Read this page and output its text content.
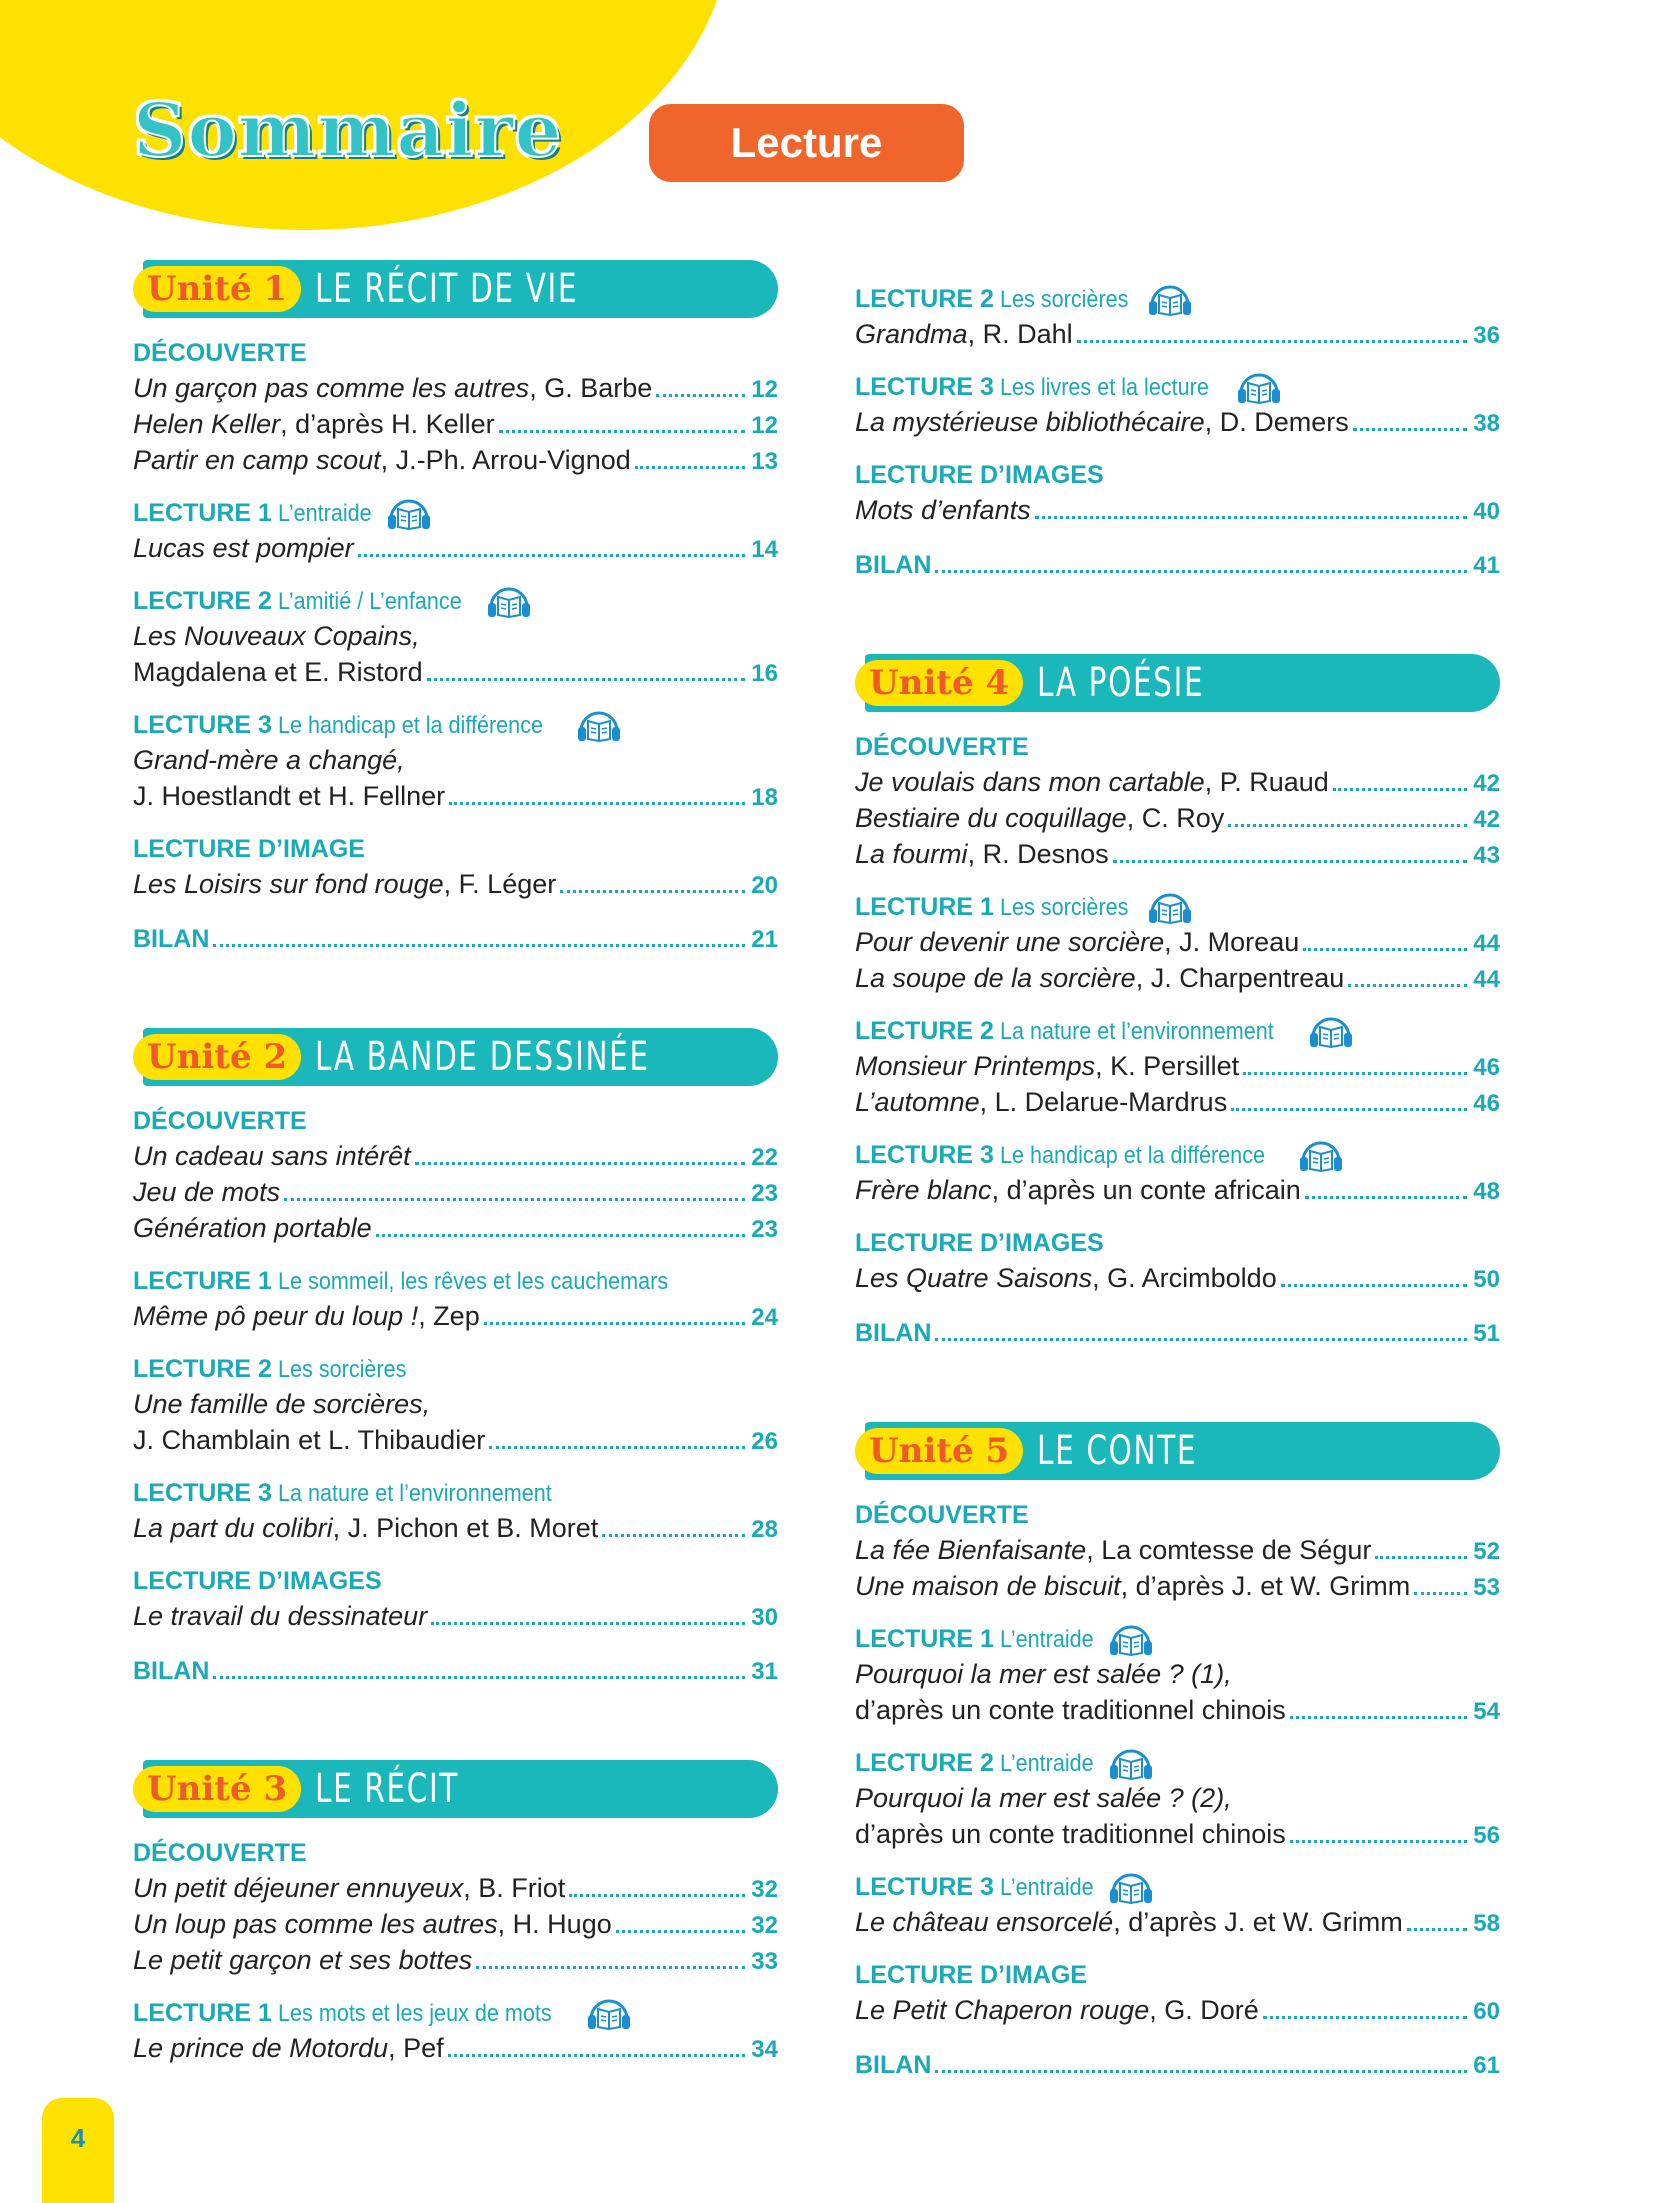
Sommaire	Lecture
Unité 1 LE RÉCIT DE VIE
DÉCOUVERTE
Un garçon pas comme les autres, G. Barbe	12
Helen Keller, d’après H. Keller	12
Partir en camp scout, J.-Ph. Arrou-Vignod	13
LECTURE 1 L’entraide
Lucas est pompier	14
LECTURE 2 L’amitié / L’enfance
Les Nouveaux Copains,
Magdalena et E. Ristord	16
LECTURE 3 Le handicap et la différence
Grand-mère a changé,
J. Hoestlandt et H. Fellner	18
LECTURE D’IMAGE
Les Loisirs sur fond rouge, F. Léger	20
BILAN	21
Unité 2 LA BANDE DESSINÉE
DÉCOUVERTE
Un cadeau sans intérêt	22
Jeu de mots	23
Génération portable	23
LECTURE 1 Le sommeil, les rêves et les cauchemars
Même pô peur du loup !, Zep	24
LECTURE 2 Les sorcières
Une famille de sorcières,
J. Chamblain et L. Thibaudier	26
LECTURE 3 La nature et l’environnement
La part du colibri, J. Pichon et B. Moret	28
LECTURE D’IMAGES
Le travail du dessinateur	30
BILAN	31
Unité 3 LE RÉCIT HUMORISTIQUE
DÉCOUVERTE
Un petit déjeuner ennuyeux, B. Friot	32
Un loup pas comme les autres, H. Hugo	32
Le petit garçon et ses bottes	33
LECTURE 1 Les mots et les jeux de mots
Le prince de Motordu, Pef	34
LECTURE 2 Les sorcières
Grandma, R. Dahl	36
LECTURE 3 Les livres et la lecture
La mystérieuse bibliothécaire, D. Demers	38
LECTURE D’IMAGES
Mots d’enfants	40
BILAN	41
Unité 4 LA POÉSIE
DÉCOUVERTE
Je voulais dans mon cartable, P. Ruaud	42
Bestiaire du coquillage, C. Roy	42
La fourmi, R. Desnos	43
LECTURE 1 Les sorcières
Pour devenir une sorcière, J. Moreau	44
La soupe de la sorcière, J. Charpentreau	44
LECTURE 2 La nature et l’environnement
Monsieur Printemps, K. Persillet	46
L’automne, L. Delarue-Mardrus	46
LECTURE 3 Le handicap et la différence
Frère blanc, d’après un conte africain	48
LECTURE D’IMAGES
Les Quatre Saisons, G. Arcimboldo	50
BILAN	51
Unité 5 LE CONTE
DÉCOUVERTE
La fée Bienfaisante, La comtesse de Ségur	52
Une maison de biscuit, d’après J. et W. Grimm	53
LECTURE 1 L’entraide
Pourquoi la mer est salée ? (1),
d’après un conte traditionnel chinois	54
LECTURE 2 L’entraide
Pourquoi la mer est salée ? (2),
d’après un conte traditionnel chinois	56
LECTURE 3 L’entraide
Le château ensorcelé, d’après J. et W. Grimm	58
LECTURE D’IMAGE
Le Petit Chaperon rouge, G. Doré	60
BILAN	61
4
